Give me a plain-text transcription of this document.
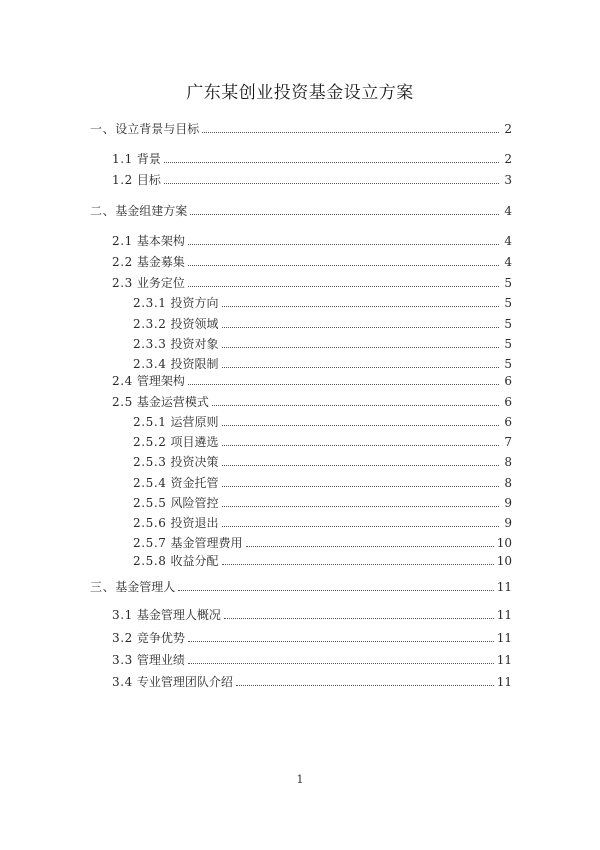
广东某创业投资基金设立方案
一、 设立背景与目标	2
1.1 背景	2
1.2 目标	3
二、 基金组建方案	4
2.1 基本架构	4
2.2 基金募集	4
2.3 业务定位	5
2.3.1 投资方向	5
2.3.2 投资领域	5
2.3.3 投资对象	5
2.3.4 投资限制	5
2.4 管理架构	6
2.5 基金运营模式	6
2.5.1 运营原则	6
2.5.2 项目遴选	7
2.5.3 投资决策	8
2.5.4 资金托管	8
2.5.5 风险管控	9
2.5.6 投资退出	9
2.5.7 基金管理费用	10
2.5.8 收益分配	10
三、 基金管理人	11
3.1 基金管理人概况	11
3.2 竞争优势	11
3.3 管理业绩	11
3.4 专业管理团队介绍	11
1
